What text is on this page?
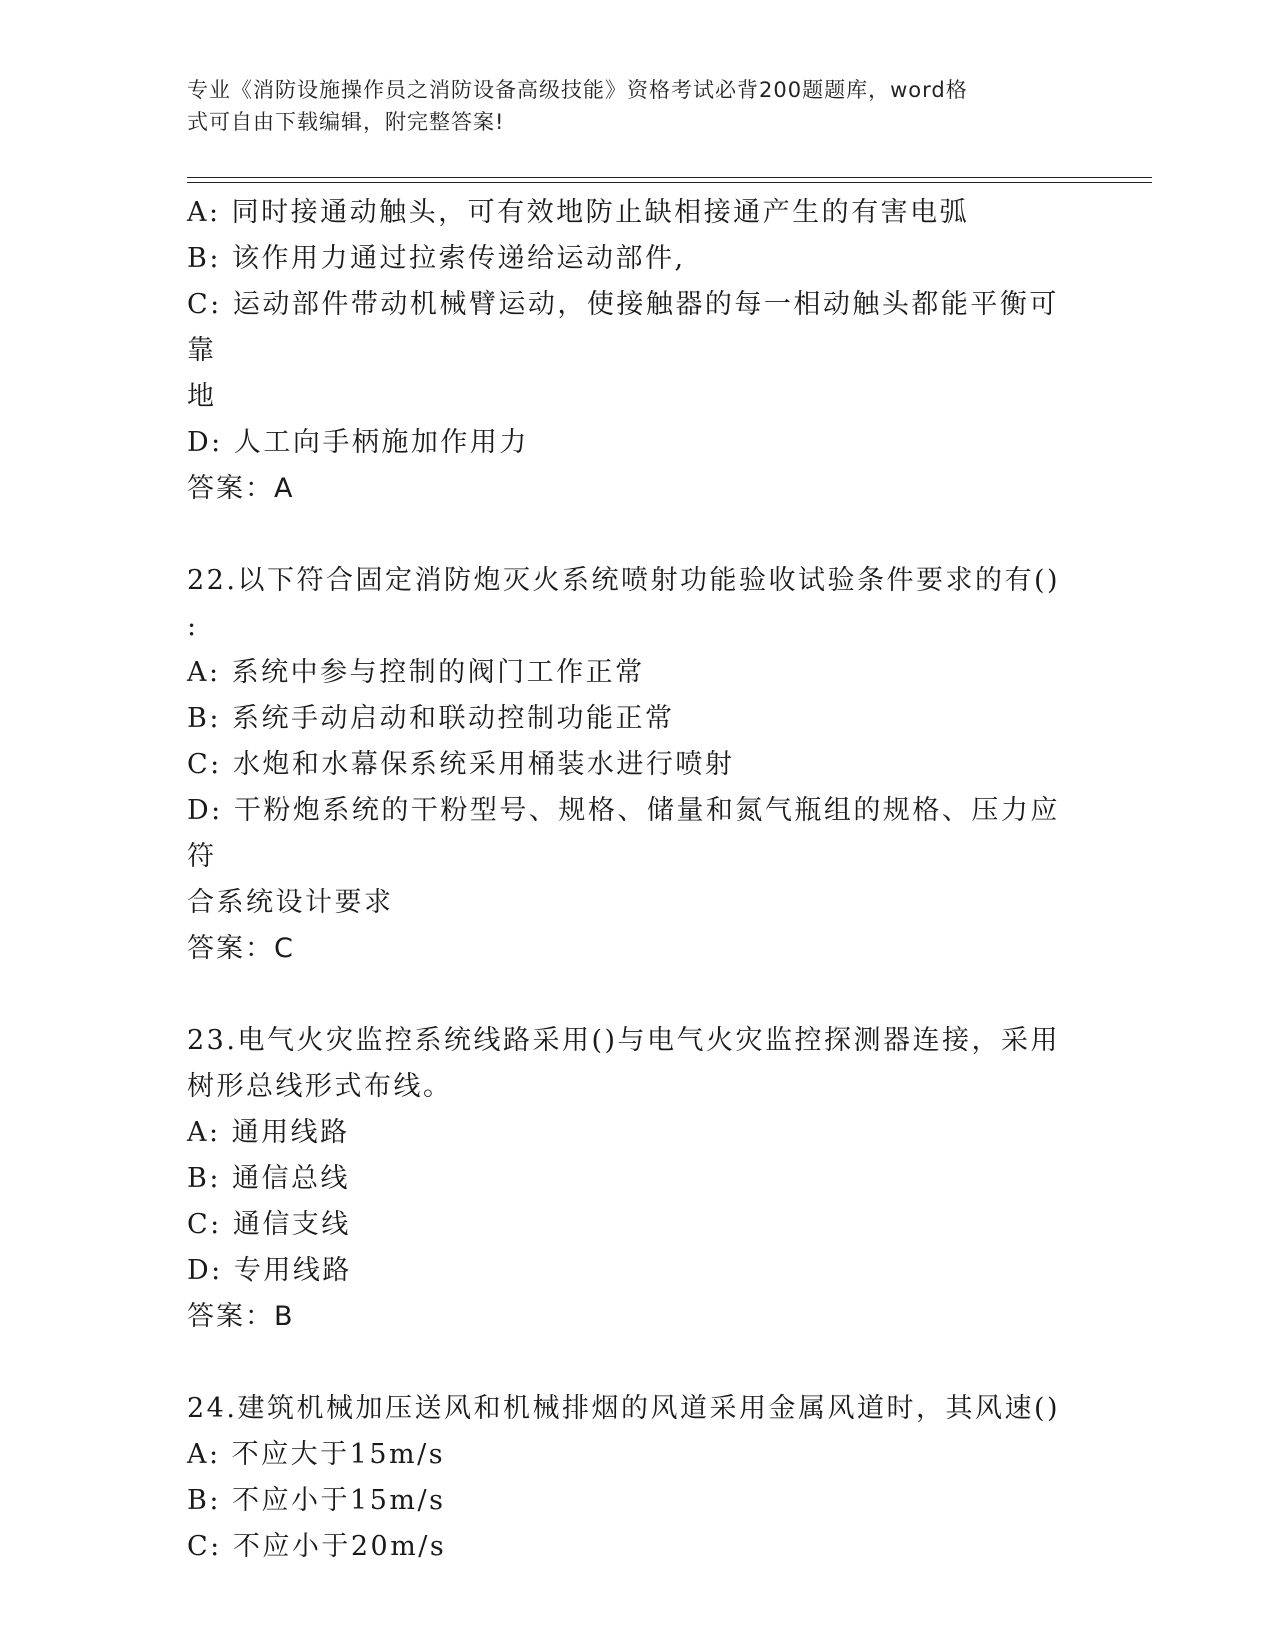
专业《消防设施操作员之消防设备高级技能》资格考试必背200题题库，word格
式可自由下载编辑，附完整答案!

A: 同时接通动触头，可有效地防止缺相接通产生的有害电弧

B: 该作用力通过拉索传递给运动部件,

C: 运动部件带动机械臂运动，使接触器的每一相动触头都能平衡可靠

地

D: 人工向手柄施加作用力

答案：A

22.以下符合固定消防炮灭火系统喷射功能验收试验条件要求的有()

:

A: 系统中参与控制的阀门工作正常

B: 系统手动启动和联动控制功能正常

C: 水炮和水幕保系统采用桶装水进行喷射

D: 干粉炮系统的干粉型号、规格、储量和氮气瓶组的规格、压力应符

合系统设计要求

答案：C

23.电气火灾监控系统线路采用()与电气火灾监控探测器连接，采用

树形总线形式布线。

A: 通用线路

B: 通信总线

C: 通信支线

D: 专用线路

答案：B

24.建筑机械加压送风和机械排烟的风道采用金属风道时，其风速()

A: 不应大于15m/s

B: 不应小于15m/s

C: 不应小于20m/s
